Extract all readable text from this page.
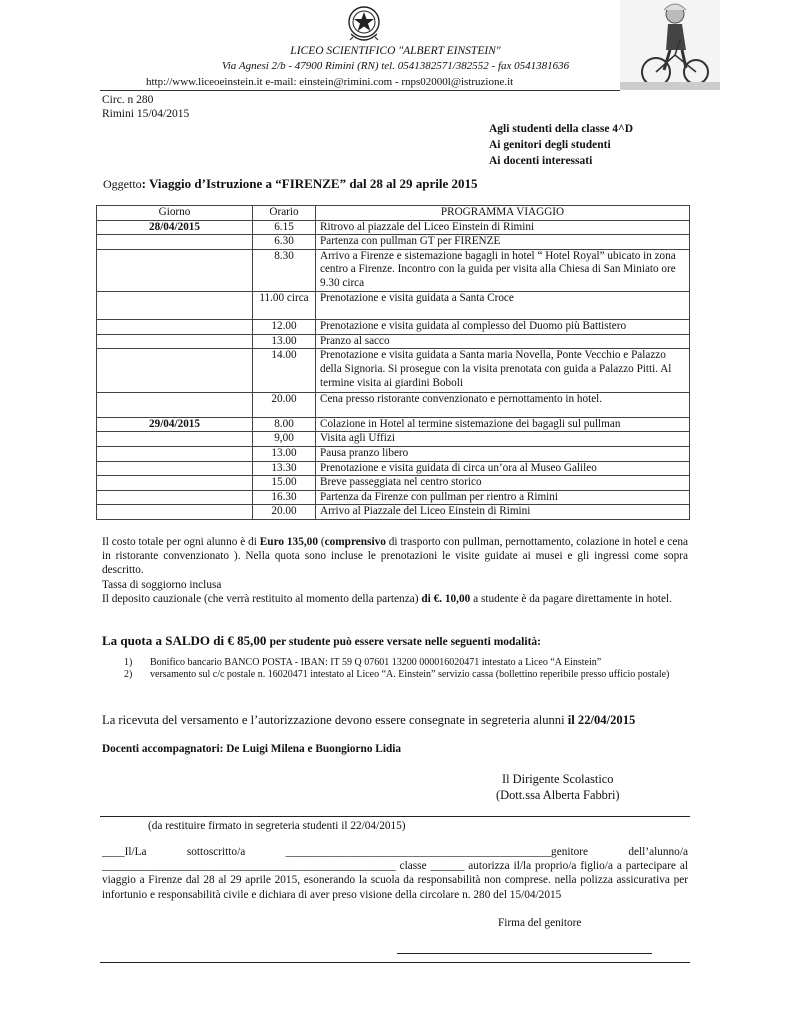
LICEO SCIENTIFICO "ALBERT EINSTEIN"
Via Agnesi 2/b - 47900 Rimini (RN) tel. 0541382571/382552 - fax 0541381636
http://www.liceoeinstein.it e-mail: einstein@rimini.com - rnps02000l@istruzione.it
Circ. n 280
Rimini 15/04/2015
Agli studenti della classe 4^D
Ai genitori degli studenti
Ai docenti interessati
Oggetto: Viaggio d’Istruzione a “FIRENZE” dal 28 al 29 aprile 2015
Giorno	Orario	PROGRAMMA VIAGGIO
28/04/2015	6.15	Ritrovo al piazzale del Liceo Einstein di Rimini
	6.30	Partenza con pullman GT per FIRENZE
	8.30	Arrivo a Firenze e sistemazione bagagli in hotel “ Hotel Royal” ubicato in zona centro a Firenze. Incontro con la guida per visita alla Chiesa di San Miniato ore 9.30 circa
	11.00 circa	Prenotazione e visita guidata a Santa Croce
	12.00	Prenotazione e visita guidata al complesso del Duomo più Battistero
	13.00	Pranzo al sacco
	14.00	Prenotazione e visita guidata a Santa maria Novella, Ponte Vecchio e Palazzo della Signoria. Si prosegue con la visita prenotata con guida a Palazzo Pitti. Al termine visita ai giardini Boboli
	20.00	Cena presso ristorante convenzionato e pernottamento in hotel.
29/04/2015	8.00	Colazione in Hotel al termine sistemazione dei bagagli sul pullman
	9,00	Visita agli Uffizi
	13.00	Pausa pranzo libero
	13.30	Prenotazione e visita guidata di circa un’ora al Museo Galileo
	15.00	Breve passeggiata nel centro storico
	16.30	Partenza da Firenze con pullman per rientro a Rimini
	20.00	Arrivo al Piazzale del Liceo Einstein di Rimini
Il costo totale per ogni alunno è di Euro 135,00 (comprensivo di trasporto con pullman, pernottamento, colazione in hotel e cena in ristorante convenzionato ). Nella quota sono incluse le prenotazioni le visite guidate ai musei e gli ingressi come sopra descritto.
Tassa di soggiorno inclusa
Il deposito cauzionale (che verrà restituito al momento della partenza) di €. 10,00 a studente è da pagare direttamente in hotel.
La quota a SALDO di € 85,00 per studente può essere versate nelle seguenti modalità:
1)	Bonifico bancario BANCO POSTA - IBAN: IT 59 Q 07601 13200 000016020471 intestato a Liceo “A Einstein”
2)	versamento sul c/c postale n. 16020471 intestato al Liceo “A. Einstein” servizio cassa (bollettino reperibile presso ufficio postale)
La ricevuta del versamento e l’autorizzazione devono essere consegnate in segreteria alunni il 22/04/2015
Docenti accompagnatori: De Luigi Milena e Buongiorno Lidia
Il Dirigente Scolastico
(Dott.ssa Alberta Fabbri)
(da restituire firmato in segreteria studenti il 22/04/2015)
____Il/La sottoscritto/a _______________________________________________genitore dell’alunno/a ____________________________________________________ classe ______ autorizza il/la proprio/a figlio/a a partecipare al viaggio a Firenze dal 28 al 29 aprile 2015, esonerando la scuola da responsabilità non comprese. nella polizza assicurativa per infortunio e responsabilità civile e dichiara di aver preso visione della circolare n. 280 del 15/04/2015
Firma del genitore
